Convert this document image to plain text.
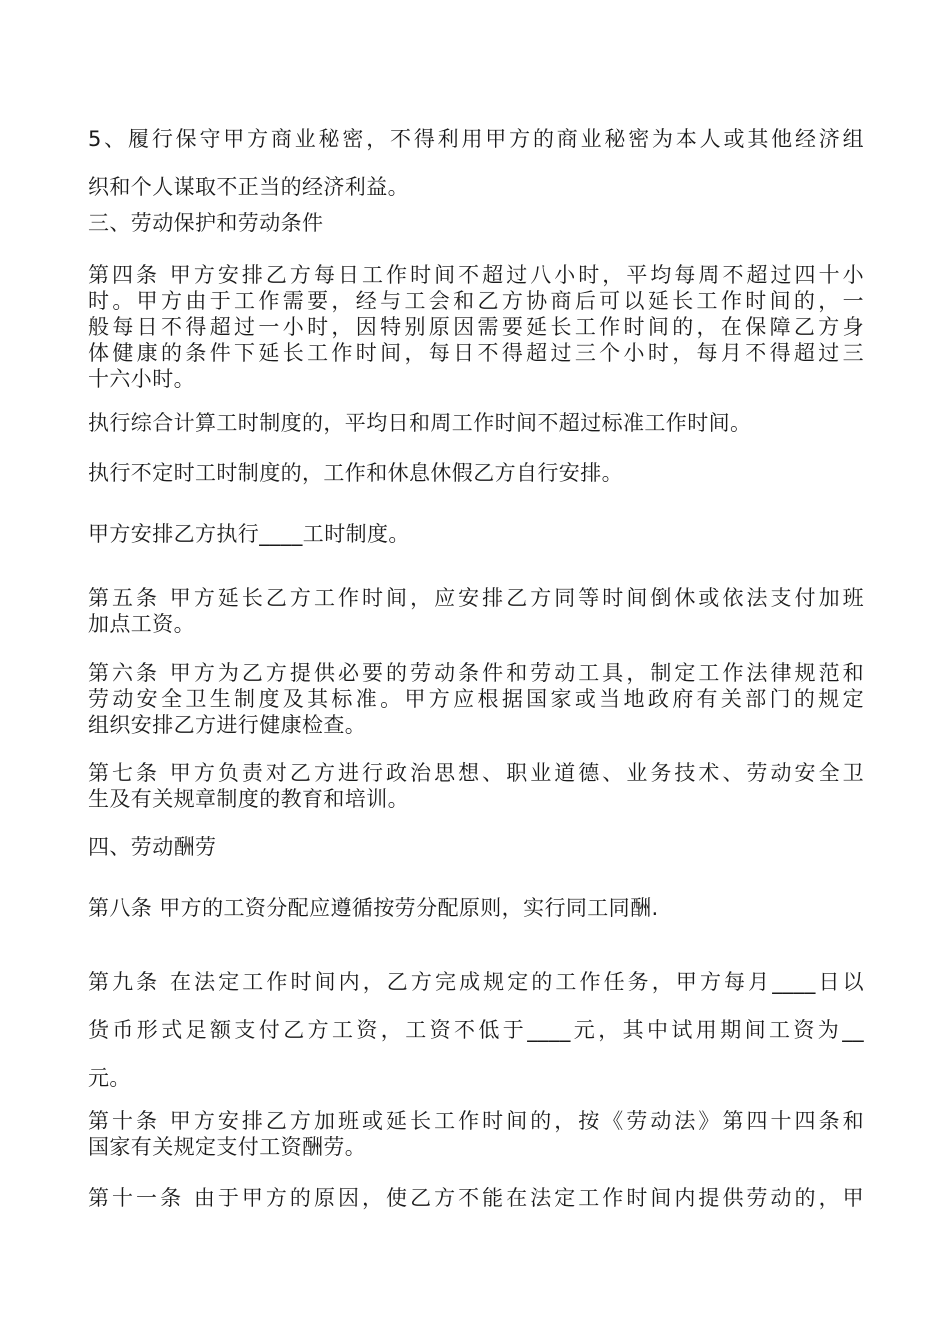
5、履行保守甲方商业秘密，不得利用甲方的商业秘密为本人或其他经济组
织和个人谋取不正当的经济利益。

三、劳动保护和劳动条件

第四条 甲方安排乙方每日工作时间不超过八小时，平均每周不超过四十小
时。甲方由于工作需要，经与工会和乙方协商后可以延长工作时间的，一
般每日不得超过一小时，因特别原因需要延长工作时间的，在保障乙方身
体健康的条件下延长工作时间，每日不得超过三个小时，每月不得超过三
十六小时。

执行综合计算工时制度的，平均日和周工作时间不超过标准工作时间。

执行不定时工时制度的，工作和休息休假乙方自行安排。

甲方安排乙方执行____工时制度。

第五条 甲方延长乙方工作时间，应安排乙方同等时间倒休或依法支付加班
加点工资。

第六条 甲方为乙方提供必要的劳动条件和劳动工具，制定工作法律规范和
劳动安全卫生制度及其标准。甲方应根据国家或当地政府有关部门的规定
组织安排乙方进行健康检查。

第七条 甲方负责对乙方进行政治思想、职业道德、业务技术、劳动安全卫
生及有关规章制度的教育和培训。

四、劳动酬劳

第八条 甲方的工资分配应遵循按劳分配原则，实行同工同酬.

第九条 在法定工作时间内，乙方完成规定的工作任务，甲方每月____日以
货币形式足额支付乙方工资，工资不低于____元，其中试用期间工资为__
元。

第十条 甲方安排乙方加班或延长工作时间的，按《劳动法》第四十四条和
国家有关规定支付工资酬劳。

第十一条 由于甲方的原因，使乙方不能在法定工作时间内提供劳动的，甲
